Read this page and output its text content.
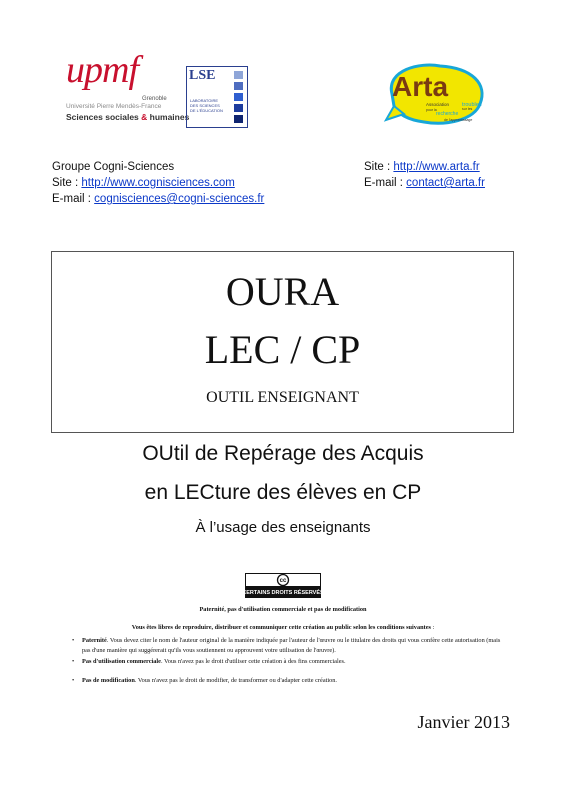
upmf
Grenoble
Université Pierre Mendès-France
Sciences sociales & humaines
LSE
LABORATOIRE
DES SCIENCES
DE L'ÉDUCATION
Arta
Association
pour la
recherche
sur les
troubles
de l'apprentissage
Groupe Cogni-Sciences
Site : http://www.cognisciences.com
E-mail : cognisciences@cogni-sciences.fr
Site : http://www.arta.fr
E-mail : contact@arta.fr
OURA
LEC / CP
OUTIL ENSEIGNANT
OUtil de Repérage des Acquis
en LECture des élèves en CP
À l’usage des enseignants
cc
CERTAINS DROITS RÉSERVÉS
Paternité, pas d'utilisation commerciale et pas de modification
Vous êtes libres de reproduire, distribuer et communiquer cette création au public selon les conditions suivantes :
• Paternité. Vous devez citer le nom de l'auteur original de la manière indiquée par l'auteur de l'œuvre ou le titulaire des droits qui vous confère cette autorisation (mais pas d'une manière qui suggérerait qu'ils vous soutiennent ou approuvent votre utilisation de l'œuvre).
• Pas d'utilisation commerciale. Vous n'avez pas le droit d'utiliser cette création à des fins commerciales.
• Pas de modification. Vous n'avez pas le droit de modifier, de transformer ou d'adapter cette création.
Janvier 2013
